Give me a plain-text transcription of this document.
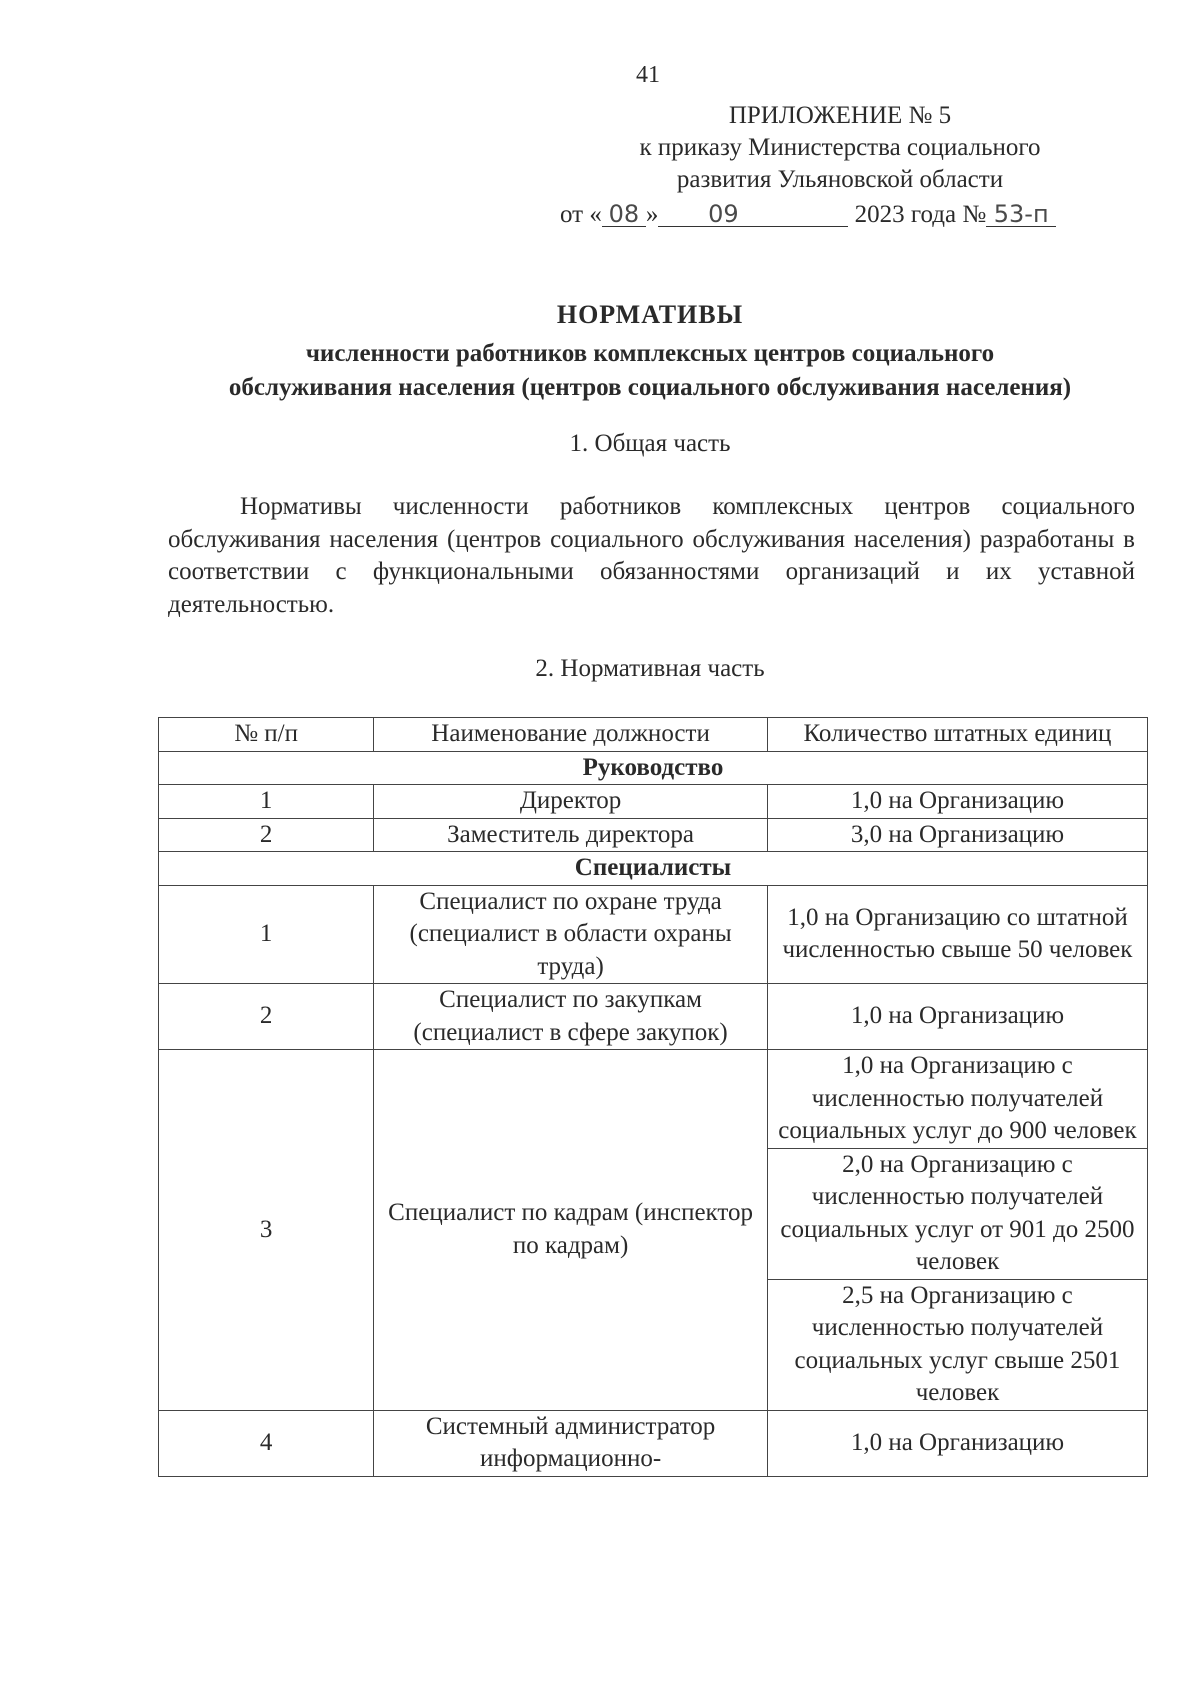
41
ПРИЛОЖЕНИЕ № 5
к приказу Министерства социального
развития Ульяновской области
от « 08 » 09	2023 года № 53-п
НОРМАТИВЫ
численности работников комплексных центров социального
обслуживания населения (центров социального обслуживания населения)
1. Общая часть
Нормативы численности работников комплексных центров социального обслуживания населения (центров социального обслуживания населения) разработаны в соответствии с функциональными обязанностями организаций и их уставной деятельностью.
2. Нормативная часть
№ п/п	Наименование должности	Количество штатных единиц
Руководство		
1	Директор	1,0 на Организацию
2	Заместитель директора	3,0 на Организацию
Специалисты		
1	Специалист по охране труда (специалист в области охраны труда)	1,0 на Организацию со штатной численностью свыше 50 человек
2	Специалист по закупкам (специалист в сфере закупок)	1,0 на Организацию
3	Специалист по кадрам (инспектор по кадрам)	1,0 на Организацию с численностью получателей социальных услуг до 900 человек
		2,0 на Организацию с численностью получателей социальных услуг от 901 до 2500 человек
		2,5 на Организацию с численностью получателей социальных услуг свыше 2501 человек
4	Системный администратор информационно-	1,0 на Организацию
